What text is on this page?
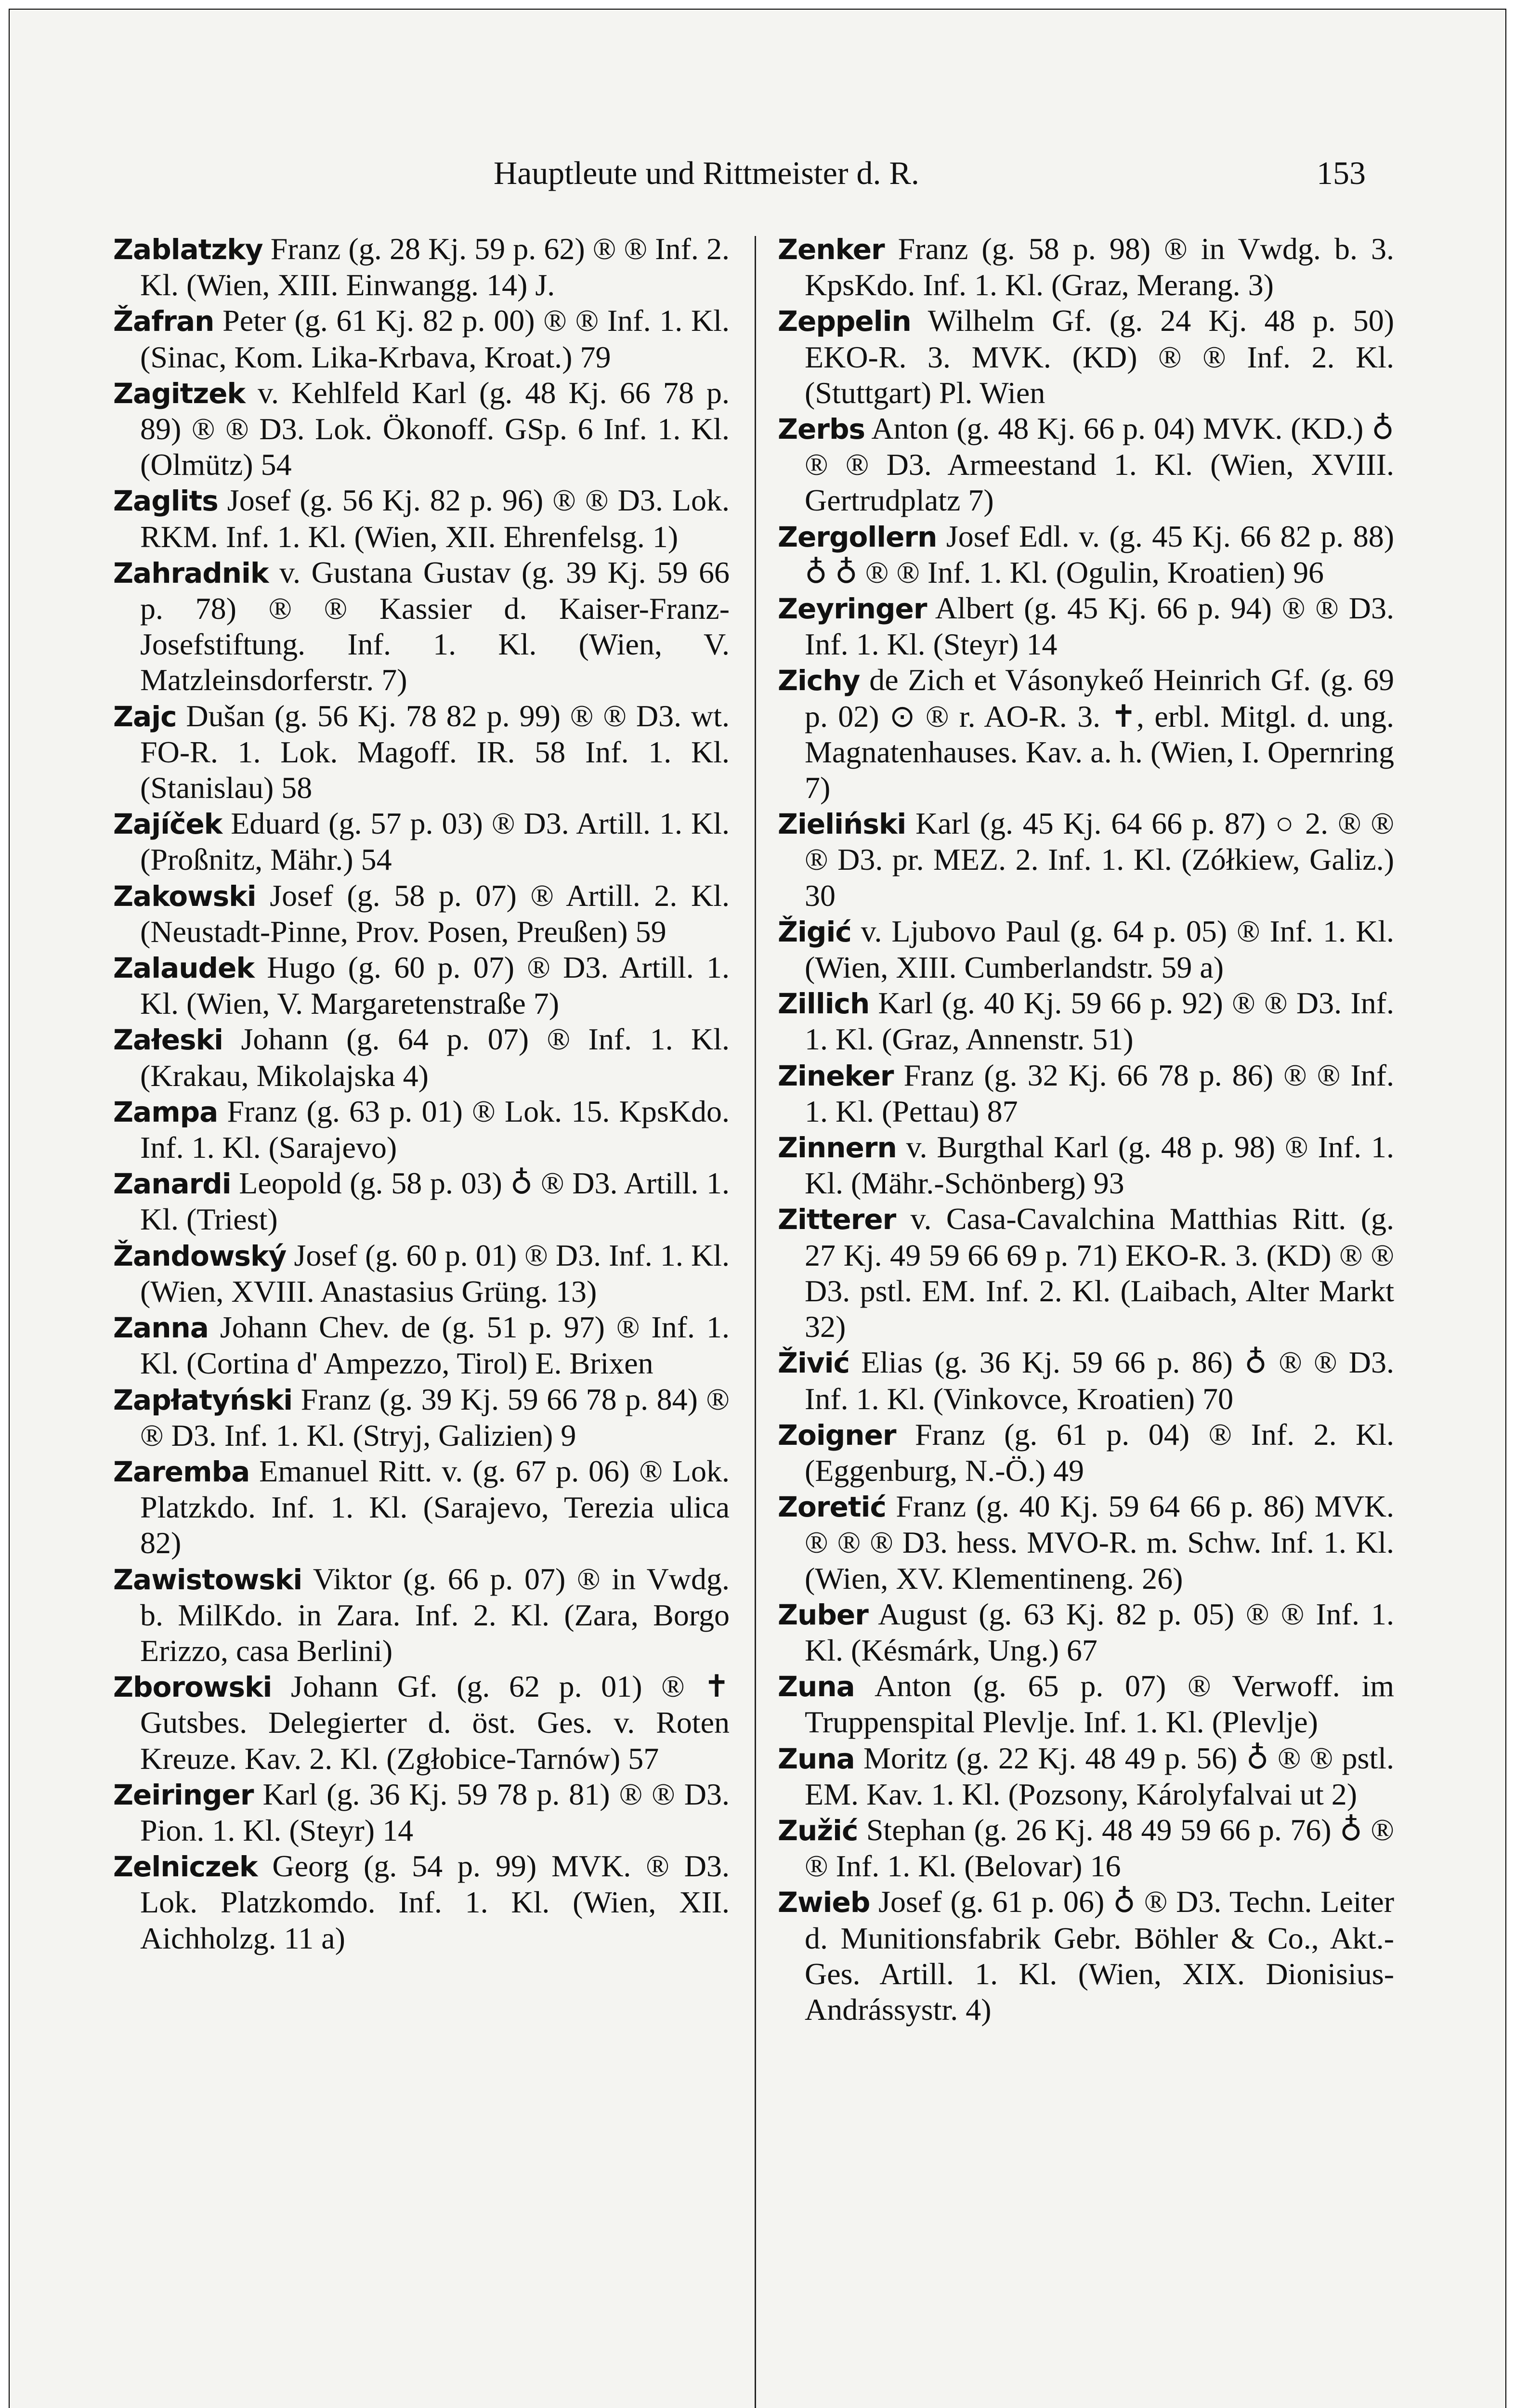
Hauptleute und Rittmeister d. R.	153

Zablatzky Franz (g. 28 Kj. 59 p. 62) ® ® Inf. 2. Kl. (Wien, XIII. Einwangg. 14) J.

Žafran Peter (g. 61 Kj. 82 p. 00) ® ® Inf. 1. Kl. (Sinac, Kom. Lika-Krbava, Kroat.) 79

Zagitzek v. Kehlfeld Karl (g. 48 Kj. 66 78 p. 89) ® ® D3. Lok. Ökonoff. GSp. 6 Inf. 1. Kl. (Olmütz) 54

Zaglits Josef (g. 56 Kj. 82 p. 96) ® ® D3. Lok. RKM. Inf. 1. Kl. (Wien, XII. Ehrenfelsg. 1)

Zahradnik v. Gustana Gustav (g. 39 Kj. 59 66 p. 78) ® ® Kassier d. Kaiser-Franz-Josefstiftung. Inf. 1. Kl. (Wien, V. Matzleinsdorferstr. 7)

Zajc Dušan (g. 56 Kj. 78 82 p. 99) ® ® D3. wt. FO-R. 1. Lok. Magoff. IR. 58 Inf. 1. Kl. (Stanislau) 58

Zajíček Eduard (g. 57 p. 03) ® D3. Artill. 1. Kl. (Proßnitz, Mähr.) 54

Zakowski Josef (g. 58 p. 07) ® Artill. 2. Kl. (Neustadt-Pinne, Prov. Posen, Preußen) 59

Zalaudek Hugo (g. 60 p. 07) ® D3. Artill. 1. Kl. (Wien, V. Margaretenstraße 7)

Załeski Johann (g. 64 p. 07) ® Inf. 1. Kl. (Krakau, Mikolajska 4)

Zampa Franz (g. 63 p. 01) ® Lok. 15. KpsKdo. Inf. 1. Kl. (Sarajevo)

Zanardi Leopold (g. 58 p. 03) ♁ ® D3. Artill. 1. Kl. (Triest)

Žandowský Josef (g. 60 p. 01) ® D3. Inf. 1. Kl. (Wien, XVIII. Anastasius Grüng. 13)

Zanna Johann Chev. de (g. 51 p. 97) ® Inf. 1. Kl. (Cortina d' Ampezzo, Tirol) E. Brixen

Zapłatyński Franz (g. 39 Kj. 59 66 78 p. 84) ® ® D3. Inf. 1. Kl. (Stryj, Galizien) 9

Zaremba Emanuel Ritt. v. (g. 67 p. 06) ® Lok. Platzkdo. Inf. 1. Kl. (Sarajevo, Terezia ulica 82)

Zawistowski Viktor (g. 66 p. 07) ® in Vwdg. b. MilKdo. in Zara. Inf. 2. Kl. (Zara, Borgo Erizzo, casa Berlini)

Zborowski Johann Gf. (g. 62 p. 01) ® ✝ Gutsbes. Delegierter d. öst. Ges. v. Roten Kreuze. Kav. 2. Kl. (Zgłobice-Tarnów) 57

Zeiringer Karl (g. 36 Kj. 59 78 p. 81) ® ® D3. Pion. 1. Kl. (Steyr) 14

Zelniczek Georg (g. 54 p. 99) MVK. ® D3. Lok. Platzkomdo. Inf. 1. Kl. (Wien, XII. Aichholzg. 11 a)

Zenker Franz (g. 58 p. 98) ® in Vwdg. b. 3. KpsKdo. Inf. 1. Kl. (Graz, Merang. 3)

Zeppelin Wilhelm Gf. (g. 24 Kj. 48 p. 50) EKO-R. 3. MVK. (KD) ® ® Inf. 2. Kl. (Stuttgart) Pl. Wien

Zerbs Anton (g. 48 Kj. 66 p. 04) MVK. (KD.) ♁ ® ® D3. Armeestand 1. Kl. (Wien, XVIII. Gertrudplatz 7)

Zergollern Josef Edl. v. (g. 45 Kj. 66 82 p. 88) ♁ ♁ ® ® Inf. 1. Kl. (Ogulin, Kroatien) 96

Zeyringer Albert (g. 45 Kj. 66 p. 94) ® ® D3. Inf. 1. Kl. (Steyr) 14

Zichy de Zich et Vásonykeő Heinrich Gf. (g. 69 p. 02) ⊙ ® r. AO-R. 3. ✝, erbl. Mitgl. d. ung. Magnatenhauses. Kav. a. h. (Wien, I. Opernring 7)

Zieliński Karl (g. 45 Kj. 64 66 p. 87) ○ 2. ® ® ® D3. pr. MEZ. 2. Inf. 1. Kl. (Zółkiew, Galiz.) 30

Žigić v. Ljubovo Paul (g. 64 p. 05) ® Inf. 1. Kl. (Wien, XIII. Cumberlandstr. 59 a)

Zillich Karl (g. 40 Kj. 59 66 p. 92) ® ® D3. Inf. 1. Kl. (Graz, Annenstr. 51)

Zineker Franz (g. 32 Kj. 66 78 p. 86) ® ® Inf. 1. Kl. (Pettau) 87

Zinnern v. Burgthal Karl (g. 48 p. 98) ® Inf. 1. Kl. (Mähr.-Schönberg) 93

Zitterer v. Casa-Cavalchina Matthias Ritt. (g. 27 Kj. 49 59 66 69 p. 71) EKO-R. 3. (KD) ® ® D3. pstl. EM. Inf. 2. Kl. (Laibach, Alter Markt 32)

Živić Elias (g. 36 Kj. 59 66 p. 86) ♁ ® ® D3. Inf. 1. Kl. (Vinkovce, Kroatien) 70

Zoigner Franz (g. 61 p. 04) ® Inf. 2. Kl. (Eggenburg, N.-Ö.) 49

Zoretić Franz (g. 40 Kj. 59 64 66 p. 86) MVK. ® ® ® D3. hess. MVO-R. m. Schw. Inf. 1. Kl. (Wien, XV. Klementineng. 26)

Zuber August (g. 63 Kj. 82 p. 05) ® ® Inf. 1. Kl. (Késmárk, Ung.) 67

Zuna Anton (g. 65 p. 07) ® Verwoff. im Truppenspital Plevlje. Inf. 1. Kl. (Plevlje)

Zuna Moritz (g. 22 Kj. 48 49 p. 56) ♁ ® ® pstl. EM. Kav. 1. Kl. (Pozsony, Károlyfalvai ut 2)

Zužić Stephan (g. 26 Kj. 48 49 59 66 p. 76) ♁ ® ® Inf. 1. Kl. (Belovar) 16

Zwieb Josef (g. 61 p. 06) ♁ ® D3. Techn. Leiter d. Munitionsfabrik Gebr. Böhler & Co., Akt.-Ges. Artill. 1. Kl. (Wien, XIX. Dionisius-Andrássystr. 4)
